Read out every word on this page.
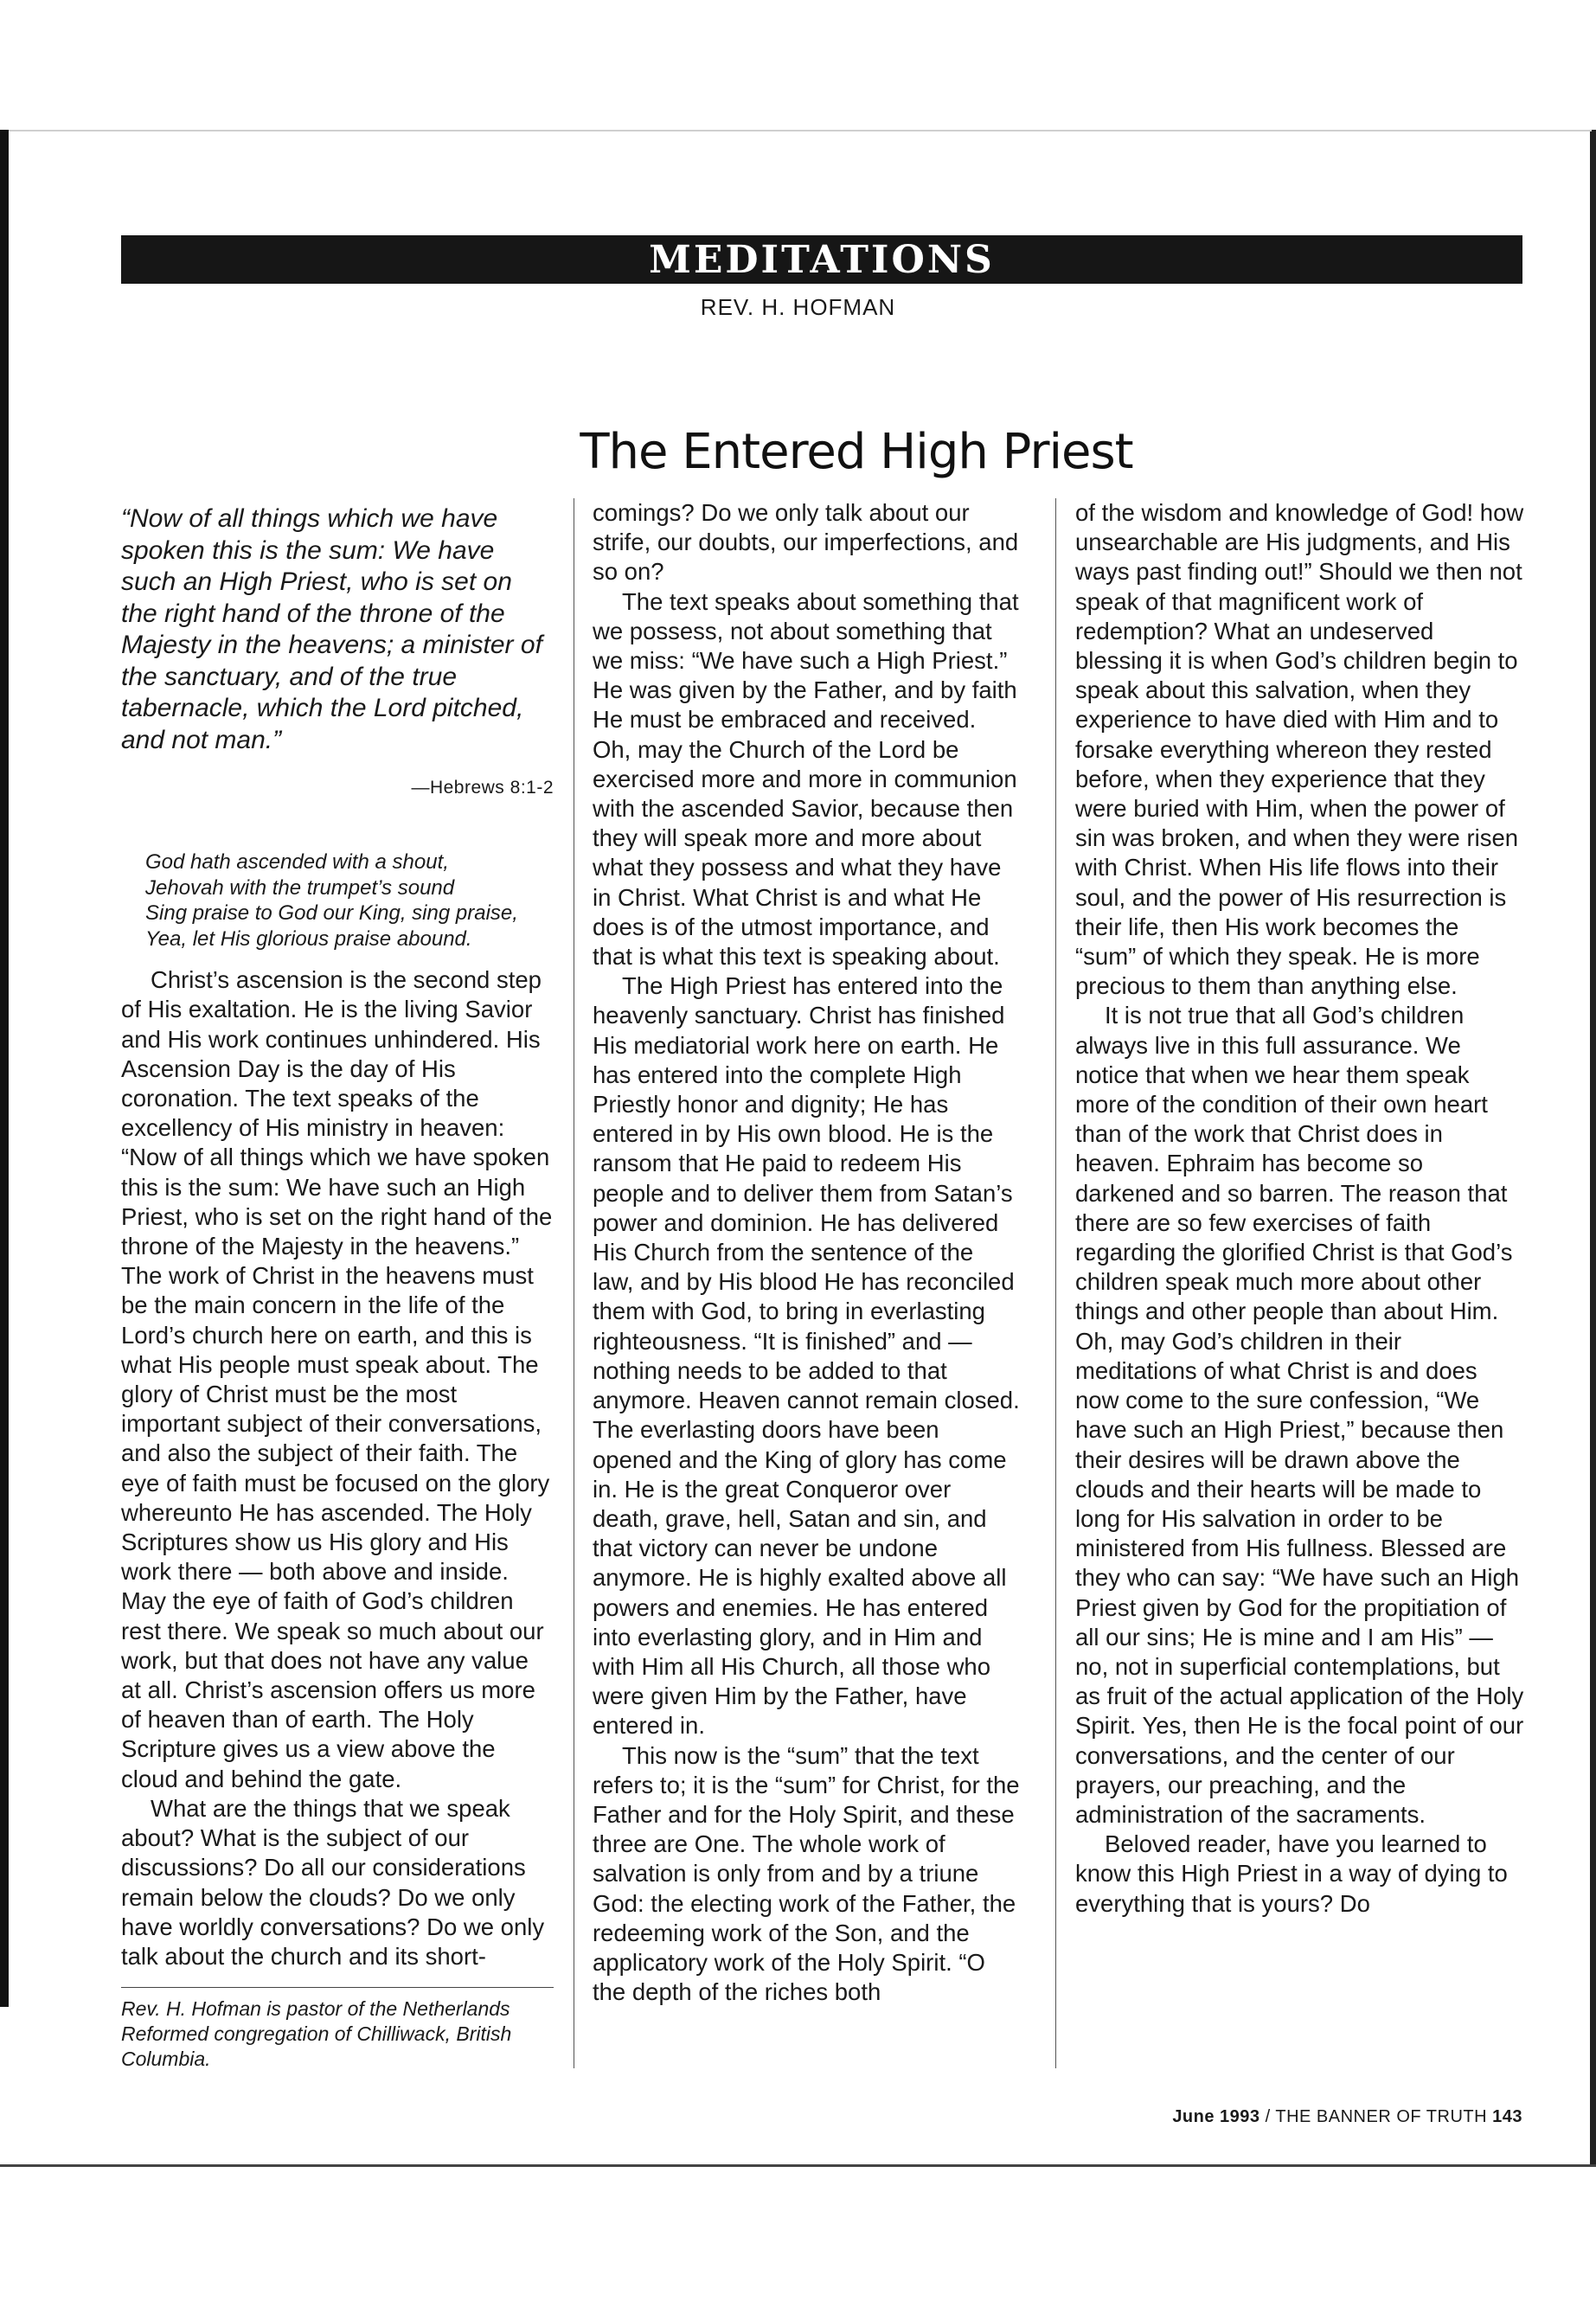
MEDITATIONS
REV. H. HOFMAN
The Entered High Priest
“Now of all things which we have spoken this is the sum: We have such an High Priest, who is set on the right hand of the throne of the Majesty in the heavens; a minister of the sanctuary, and of the true tabernacle, which the Lord pitched, and not man.”
—Hebrews 8:1-2
God hath ascended with a shout,
Jehovah with the trumpet’s sound
Sing praise to God our King, sing praise,
Yea, let His glorious praise abound.

Christ’s ascension is the second step of His exaltation. He is the living Savior and His work continues unhindered. His Ascension Day is the day of His coronation. The text speaks of the excellency of His ministry in heaven: “Now of all things which we have spoken this is the sum: We have such an High Priest, who is set on the right hand of the throne of the Majesty in the heavens.” The work of Christ in the heavens must be the main concern in the life of the Lord’s church here on earth, and this is what His people must speak about. The glory of Christ must be the most important subject of their conversations, and also the subject of their faith. The eye of faith must be focused on the glory whereunto He has ascended. The Holy Scriptures show us His glory and His work there — both above and inside. May the eye of faith of God’s children rest there. We speak so much about our work, but that does not have any value at all. Christ’s ascension offers us more of heaven than of earth. The Holy Scripture gives us a view above the cloud and behind the gate.

What are the things that we speak about? What is the subject of our discussions? Do all our considerations remain below the clouds? Do we only have worldly conversations? Do we only talk about the church and its short-

Rev. H. Hofman is pastor of the Netherlands Reformed congregation of Chilliwack, British Columbia.

comings? Do we only talk about our strife, our doubts, our imperfections, and so on?

The text speaks about something that we possess, not about something that we miss: “We have such a High Priest.” He was given by the Father, and by faith He must be embraced and received. Oh, may the Church of the Lord be exercised more and more in communion with the ascended Savior, because then they will speak more and more about what they possess and what they have in Christ. What Christ is and what He does is of the utmost importance, and that is what this text is speaking about.

The High Priest has entered into the heavenly sanctuary. Christ has finished His mediatorial work here on earth. He has entered into the complete High Priestly honor and dignity; He has entered in by His own blood. He is the ransom that He paid to redeem His people and to deliver them from Satan’s power and dominion. He has delivered His Church from the sentence of the law, and by His blood He has reconciled them with God, to bring in everlasting righteousness. “It is finished” and — nothing needs to be added to that anymore. Heaven cannot remain closed. The everlasting doors have been opened and the King of glory has come in. He is the great Conqueror over death, grave, hell, Satan and sin, and that victory can never be undone anymore. He is highly exalted above all powers and enemies. He has entered into everlasting glory, and in Him and with Him all His Church, all those who were given Him by the Father, have entered in.

This now is the “sum” that the text refers to; it is the “sum” for Christ, for the Father and for the Holy Spirit, and these three are One. The whole work of salvation is only from and by a triune God: the electing work of the Father, the redeeming work of the Son, and the applicatory work of the Holy Spirit. “O the depth of the riches both

of the wisdom and knowledge of God! how unsearchable are His judgments, and His ways past finding out!” Should we then not speak of that magnificent work of redemption? What an undeserved blessing it is when God’s children begin to speak about this salvation, when they experience to have died with Him and to forsake everything whereon they rested before, when they experience that they were buried with Him, when the power of sin was broken, and when they were risen with Christ. When His life flows into their soul, and the power of His resurrection is their life, then His work becomes the “sum” of which they speak. He is more precious to them than anything else.

It is not true that all God’s children always live in this full assurance. We notice that when we hear them speak more of the condition of their own heart than of the work that Christ does in heaven. Ephraim has become so darkened and so barren. The reason that there are so few exercises of faith regarding the glorified Christ is that God’s children speak much more about other things and other people than about Him. Oh, may God’s children in their meditations of what Christ is and does now come to the sure confession, “We have such an High Priest,” because then their desires will be drawn above the clouds and their hearts will be made to long for His salvation in order to be ministered from His fullness. Blessed are they who can say: “We have such an High Priest given by God for the propitiation of all our sins; He is mine and I am His” — no, not in superficial contemplations, but as fruit of the actual application of the Holy Spirit. Yes, then He is the focal point of our conversations, and the center of our prayers, our preaching, and the administration of the sacraments.

Beloved reader, have you learned to know this High Priest in a way of dying to everything that is yours? Do

June 1993 / THE BANNER OF TRUTH 143
